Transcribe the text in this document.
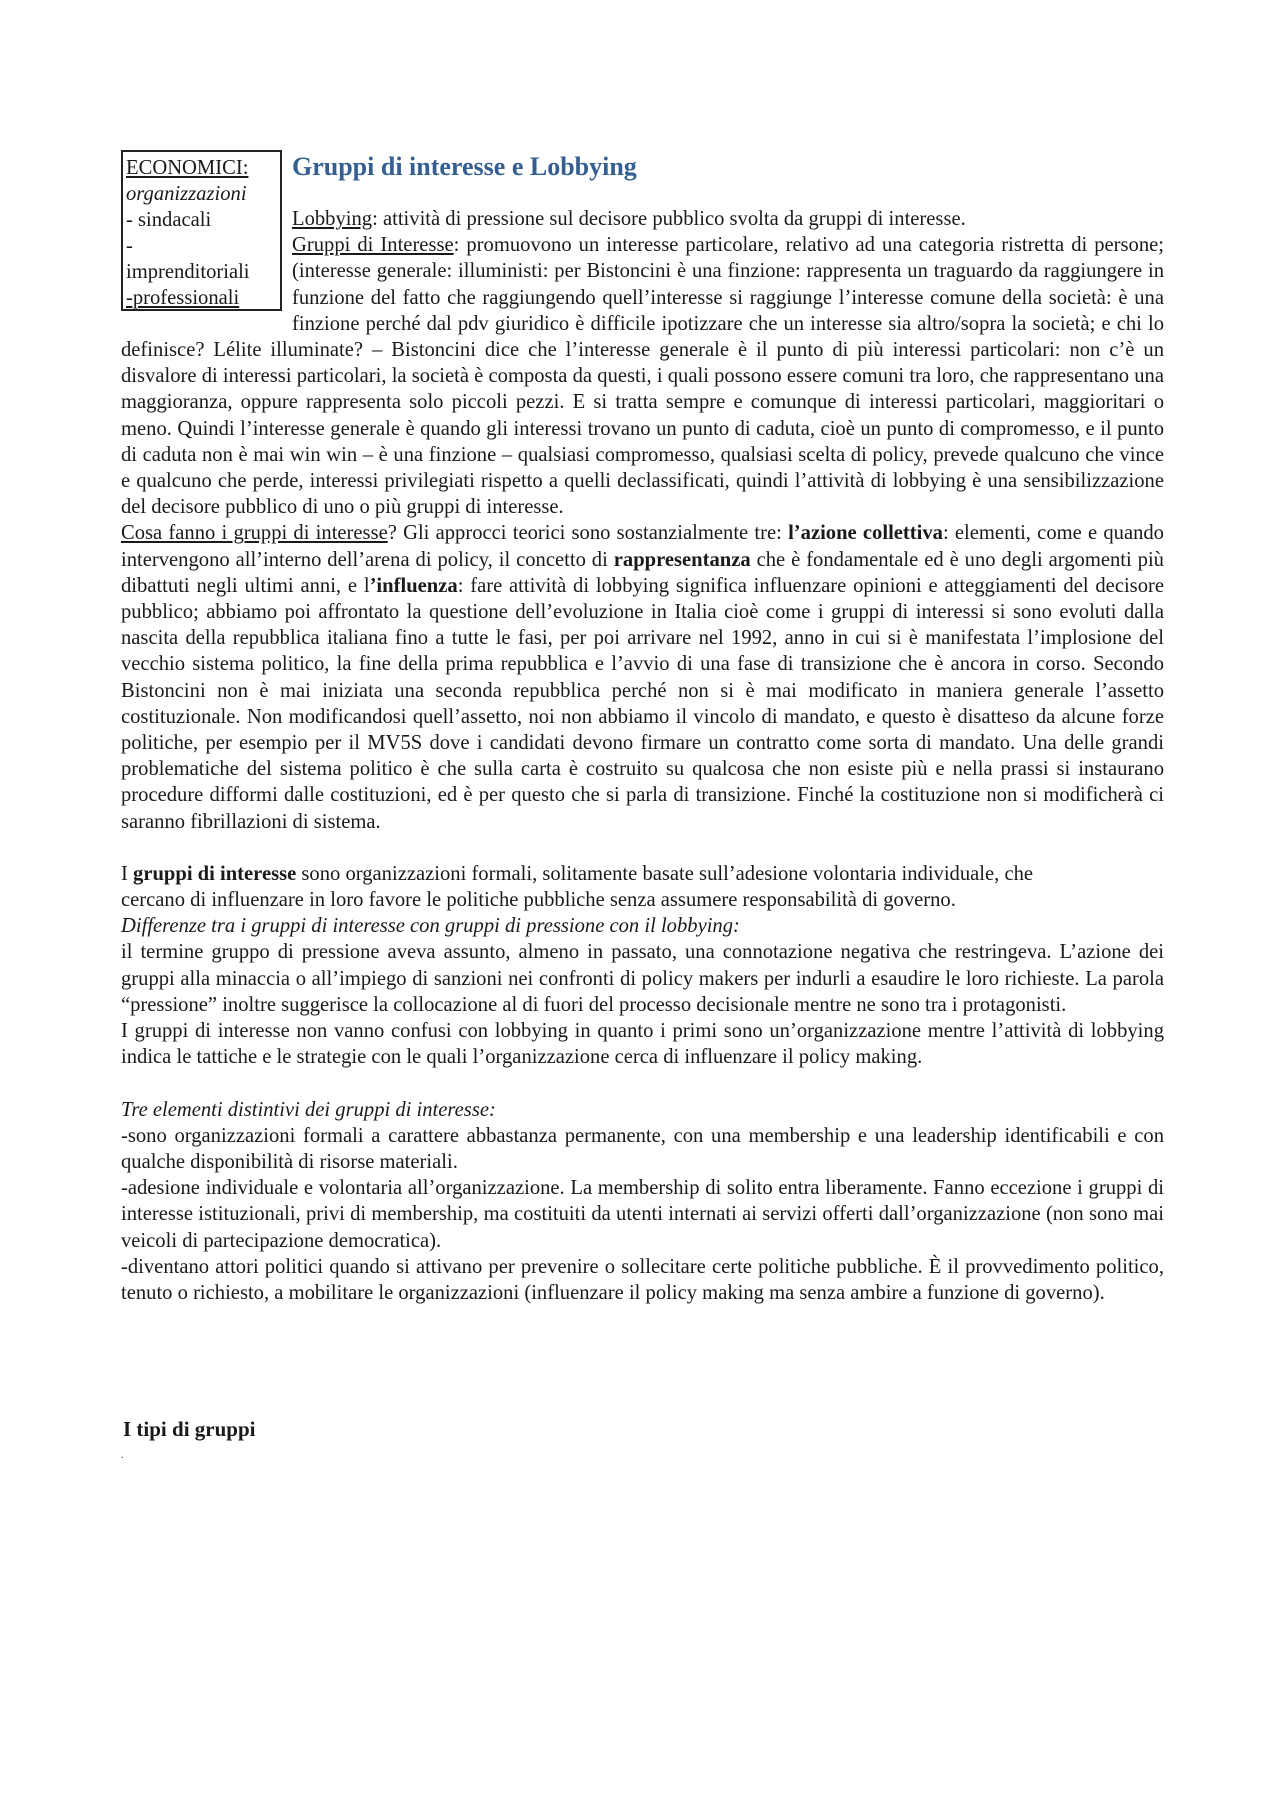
ECONOMICI:
organizzazioni
- sindacali
-
imprenditoriali
-professionali
Gruppi di interesse e Lobbying

Lobbying: attività di pressione sul decisore pubblico svolta da gruppi di interesse.

Gruppi di Interesse: promuovono un interesse particolare, relativo ad una categoria ristretta di persone; (interesse generale: illuministi: per Bistoncini è una finzione: rappresenta un traguardo da raggiungere in funzione del fatto che raggiungendo quell’interesse si raggiunge l’interesse comune della società: è una finzione perché dal pdv giuridico è difficile ipotizzare che un interesse sia altro/sopra la società; e chi lo definisce? Lélite illuminate? – Bistoncini dice che l’interesse generale è il punto di più interessi particolari: non c’è un disvalore di interessi particolari, la società è composta da questi, i quali possono essere comuni tra loro, che rappresentano una maggioranza, oppure rappresenta solo piccoli pezzi. E si tratta sempre e comunque di interessi particolari, maggioritari o meno. Quindi l’interesse generale è quando gli interessi trovano un punto di caduta, cioè un punto di compromesso, e il punto di caduta non è mai win win – è una finzione – qualsiasi compromesso, qualsiasi scelta di policy, prevede qualcuno che vince e qualcuno che perde, interessi privilegiati rispetto a quelli declassificati, quindi l’attività di lobbying è una sensibilizzazione del decisore pubblico di uno o più gruppi di interesse.

Cosa fanno i gruppi di interesse? Gli approcci teorici sono sostanzialmente tre: l’azione collettiva: elementi, come e quando intervengono all’interno dell’arena di policy, il concetto di rappresentanza che è fondamentale ed è uno degli argomenti più dibattuti negli ultimi anni, e l’influenza: fare attività di lobbying significa influenzare opinioni e atteggiamenti del decisore pubblico; abbiamo poi affrontato la questione dell’evoluzione in Italia cioè come i gruppi di interessi si sono evoluti dalla nascita della repubblica italiana fino a tutte le fasi, per poi arrivare nel 1992, anno in cui si è manifestata l’implosione del vecchio sistema politico, la fine della prima repubblica e l’avvio di una fase di transizione che è ancora in corso. Secondo Bistoncini non è mai iniziata una seconda repubblica perché non si è mai modificato in maniera generale l’assetto costituzionale. Non modificandosi quell’assetto, noi non abbiamo il vincolo di mandato, e questo è disatteso da alcune forze politiche, per esempio per il MV5S dove i candidati devono firmare un contratto come sorta di mandato. Una delle grandi problematiche del sistema politico è che sulla carta è costruito su qualcosa che non esiste più e nella prassi si instaurano procedure difformi dalle costituzioni, ed è per questo che si parla di transizione. Finché la costituzione non si modificherà ci saranno fibrillazioni di sistema.

I gruppi di interesse sono organizzazioni formali, solitamente basate sull’adesione volontaria individuale, che

cercano di influenzare in loro favore le politiche pubbliche senza assumere responsabilità di governo.

Differenze tra i gruppi di interesse con gruppi di pressione con il lobbying:

il termine gruppo di pressione aveva assunto, almeno in passato, una connotazione negativa che restringeva. L’azione dei gruppi alla minaccia o all’impiego di sanzioni nei confronti di policy makers per indurli a esaudire le loro richieste. La parola “pressione” inoltre suggerisce la collocazione al di fuori del processo decisionale mentre ne sono tra i protagonisti.

I gruppi di interesse non vanno confusi con lobbying in quanto i primi sono un’organizzazione mentre l’attività di lobbying indica le tattiche e le strategie con le quali l’organizzazione cerca di influenzare il policy making.

Tre elementi distintivi dei gruppi di interesse:

-sono organizzazioni formali a carattere abbastanza permanente, con una membership e una leadership identificabili e con qualche disponibilità di risorse materiali.

-adesione individuale e volontaria all’organizzazione. La membership di solito entra liberamente. Fanno eccezione i gruppi di interesse istituzionali, privi di membership, ma costituiti da utenti internati ai servizi offerti dall’organizzazione (non sono mai veicoli di partecipazione democratica).

-diventano attori politici quando si attivano per prevenire o sollecitare certe politiche pubbliche. È il provvedimento politico, tenuto o richiesto, a mobilitare le organizzazioni (influenzare il policy making ma senza ambire a funzione di governo).

I tipi di gruppi

.
